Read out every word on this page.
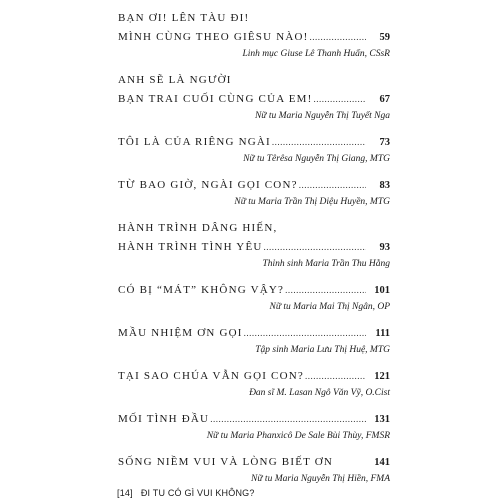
BẠN ƠI! LÊN TÀU ĐI!
MÌNH CÙNG THEO GIÊSU NÀO! .....	59
Linh mục Giuse Lê Thanh Huấn, CSsR
ANH SẼ LÀ NGƯỜI
BẠN TRAI CUỐI CÙNG CỦA EM! .....	67
Nữ tu Maria Nguyễn Thị Tuyết Nga
TÔI LÀ CỦA RIÊNG NGÀI .....	73
Nữ tu Têrêsa Nguyễn Thị Giang, MTG
TỪ BAO GIỜ, NGÀI GỌI CON? .....	83
Nữ tu Maria Trần Thị Diệu Huyền, MTG
HÀNH TRÌNH DÂNG HIẾN,
HÀNH TRÌNH TÌNH YÊU .....	93
Thỉnh sinh Maria Trần Thu Hằng
CÓ BỊ “MÁT” KHÔNG VẬY? .....	101
Nữ tu Maria Mai Thị Ngân, OP
MẦU NHIỆM ƠN GỌI .....	111
Tập sinh Maria Lưu Thị Huệ, MTG
TẠI SAO CHÚA VẪN GỌI CON? .....	121
Đan sĩ M. Lasan Ngô Văn Vỹ, O.Cist
MỐI TÌNH ĐẦU .....	131
Nữ tu Maria Phanxicô De Sale Bùi Thùy, FMSR
SỐNG NIỀM VUI VÀ LÒNG BIẾT ƠN	141
Nữ tu Maria Nguyễn Thị Hiền, FMA
[14] ĐI TU CÓ GÌ VUI KHÔNG?
